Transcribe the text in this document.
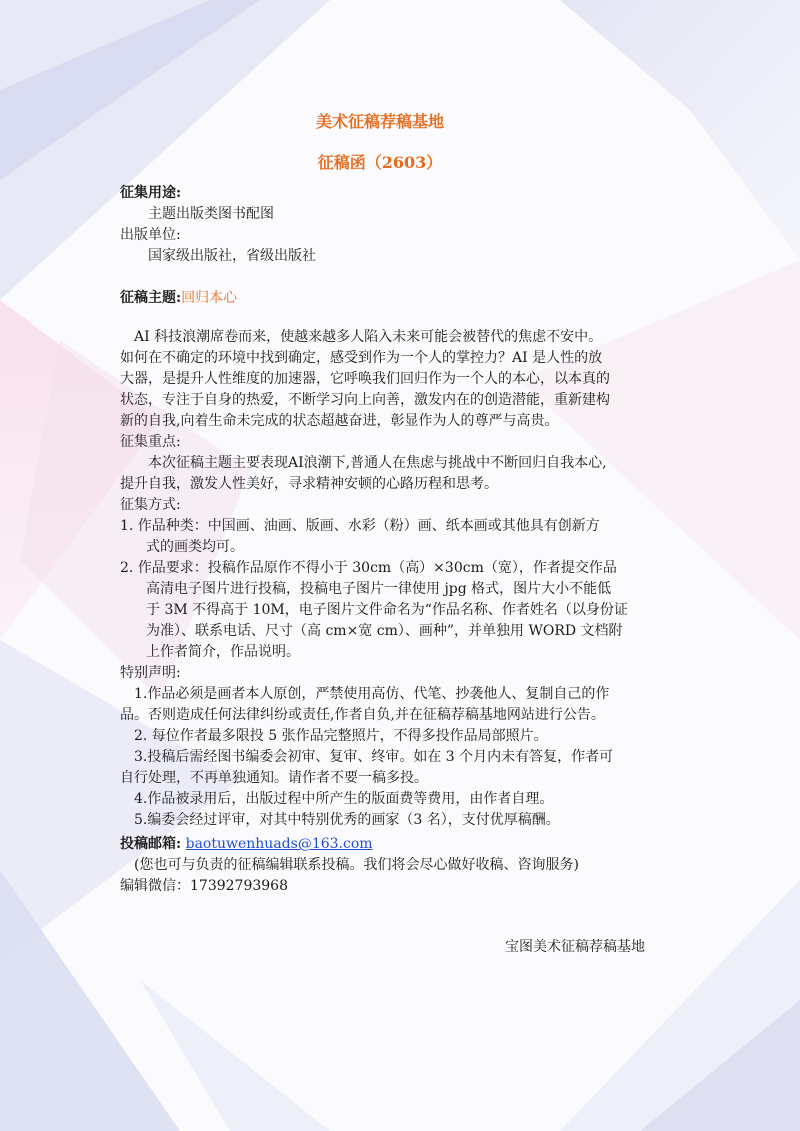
美术征稿荐稿基地

征稿函（2603）

征集用途:

主题出版类图书配图

出版单位:

国家级出版社，省级出版社

征稿主题:回归本心

AI 科技浪潮席卷而来，使越来越多人陷入未来可能会被替代的焦虑不安中。

如何在不确定的环境中找到确定，感受到作为一个人的掌控力？AI 是人性的放

大器，是提升人性维度的加速器，它呼唤我们回归作为一个人的本心，以本真的

状态，专注于自身的热爱，不断学习向上向善，激发内在的创造潜能，重新建构

新的自我,向着生命未完成的状态超越奋进，彰显作为人的尊严与高贵。

征集重点:

本次征稿主题主要表现AI浪潮下,普通人在焦虑与挑战中不断回归自我本心,

提升自我，激发人性美好，寻求精神安顿的心路历程和思考。

征集方式:

1. 作品种类：中国画、油画、版画、水彩（粉）画、纸本画或其他具有创新方

式的画类均可。

2. 作品要求：投稿作品原作不得小于 30cm（高）×30cm（宽），作者提交作品

高清电子图片进行投稿，投稿电子图片一律使用 jpg 格式，图片大小不能低

于 3M 不得高于 10M，电子图片文件命名为“作品名称、作者姓名（以身份证

为准）、联系电话、尺寸（高 cm×宽 cm）、画种”，并单独用 WORD 文档附

上作者简介，作品说明。

特别声明:

1.作品必须是画者本人原创，严禁使用高仿、代笔、抄袭他人、复制自己的作

品。否则造成任何法律纠纷或责任,作者自负,并在征稿荐稿基地网站进行公告。

2. 每位作者最多限投 5 张作品完整照片，不得多投作品局部照片。

3.投稿后需经图书编委会初审、复审、终审。如在 3 个月内未有答复，作者可

自行处理，不再单独通知。请作者不要一稿多投。

4.作品被录用后，出版过程中所产生的版面费等费用，由作者自理。

5.编委会经过评审，对其中特别优秀的画家（3 名），支付优厚稿酬。

投稿邮箱: baotuwenhuads@163.com

(您也可与负责的征稿编辑联系投稿。我们将会尽心做好收稿、咨询服务)

编辑微信：17392793968

宝图美术征稿荐稿基地
